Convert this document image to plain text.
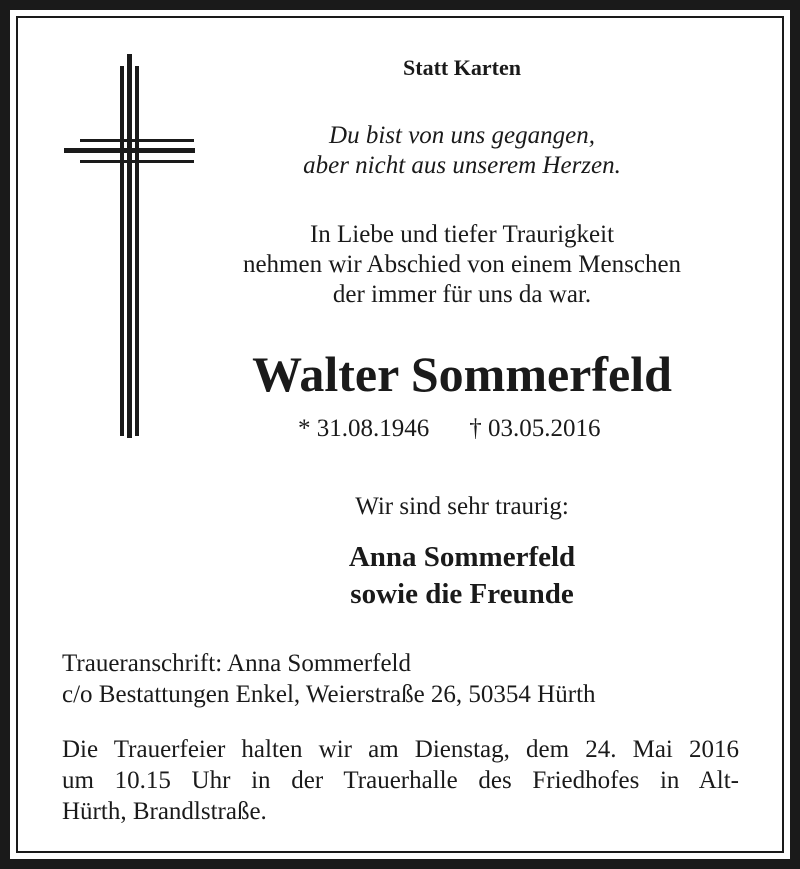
Statt Karten
Du bist von uns gegangen,
aber nicht aus unserem Herzen.
In Liebe und tiefer Traurigkeit
nehmen wir Abschied von einem Menschen
der immer für uns da war.
Walter Sommerfeld
* 31.08.1946 † 03.05.2016
Wir sind sehr traurig:
Anna Sommerfeld
sowie die Freunde
Traueranschrift: Anna Sommerfeld
c/o Bestattungen Enkel, Weierstraße 26, 50354 Hürth
Die Trauerfeier halten wir am Dienstag, dem 24. Mai 2016
um 10.15 Uhr in der Trauerhalle des Friedhofes in Alt-
Hürth, Brandlstraße.
